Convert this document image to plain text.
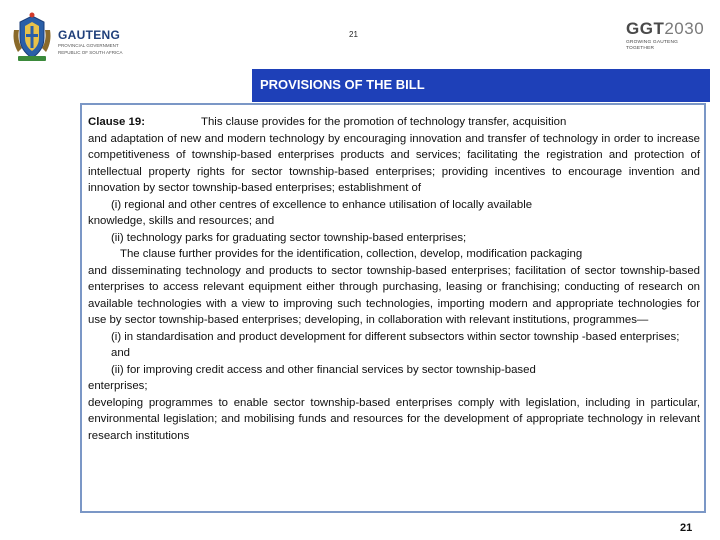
GAUTENG
PROVINCIAL GOVERNMENT
REPUBLIC OF SOUTH AFRICA
21	GGT2030
GROWING GAUTENG TOGETHER
PROVISIONS OF THE BILL

Clause 19:	This clause provides for the promotion of technology transfer, acquisition

and adaptation of new and modern technology by encouraging innovation and transfer of technology in order to increase competitiveness of township-based enterprises products and services; facilitating the registration and protection of intellectual property rights for sector township-based enterprises; providing incentives to encourage invention and innovation by sector township-based enterprises; establishment of

(i) regional and other centres of excellence to enhance utilisation of locally available

knowledge, skills and resources; and

(ii) technology parks for graduating sector township-based enterprises;

The clause further provides for the identification, collection, develop, modification packaging

and disseminating technology and products to sector township-based enterprises; facilitation of sector township-based enterprises to access relevant equipment either through purchasing, leasing or franchising; conducting of research on available technologies with a view to improving such technologies, importing modern and appropriate technologies for use by sector township-based enterprises; developing, in collaboration with relevant institutions, programmes—

(i) in standardisation and product development for different subsectors within sector township -based enterprises; and

(ii) for improving credit access and other financial services by sector township-based

enterprises;

developing programmes to enable sector township-based enterprises comply with legislation, including in particular, environmental legislation; and mobilising funds and resources for the development of appropriate technology in relevant research institutions

21
